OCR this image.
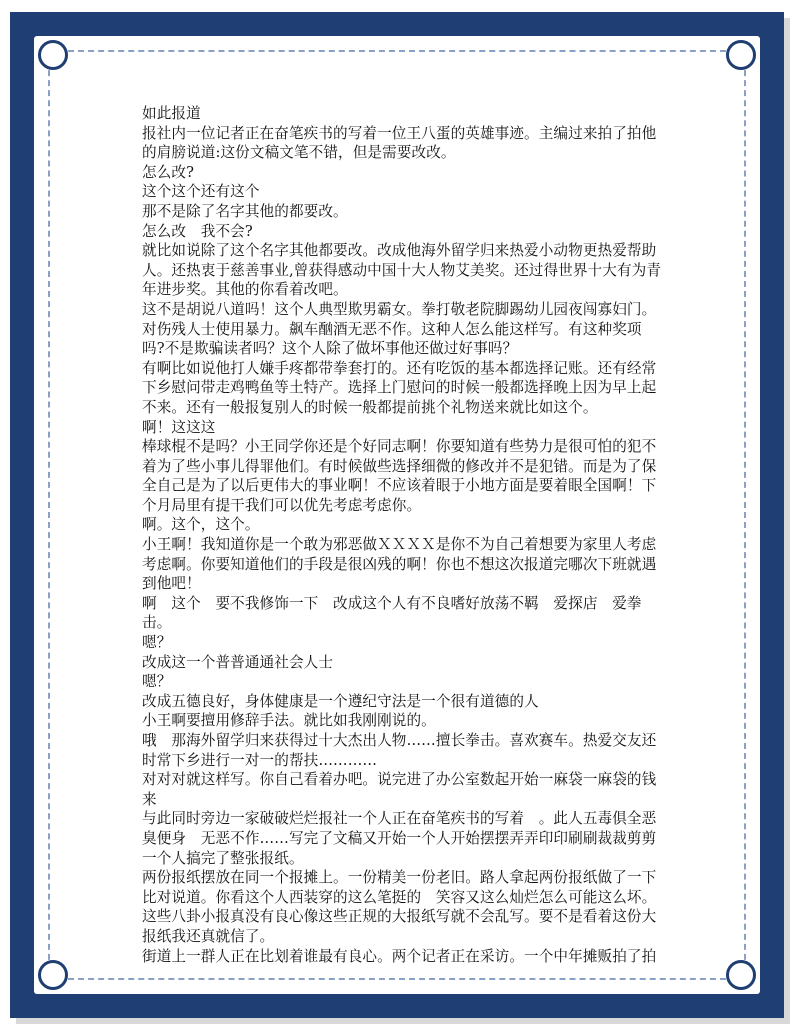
如此报道

报社内一位记者正在奋笔疾书的写着一位王八蛋的英雄事迹。主编过来拍了拍他的肩膀说道:这份文稿文笔不错，但是需要改改。

怎么改?

这个这个还有这个

那不是除了名字其他的都要改。

怎么改　我不会?

就比如说除了这个名字其他都要改。改成他海外留学归来热爱小动物更热爱帮助人。还热衷于慈善事业,曾获得感动中国十大人物艾美奖。还过得世界十大有为青年进步奖。其他的你看着改吧。

这不是胡说八道吗！这个人典型欺男霸女。拳打敬老院脚踢幼儿园夜闯寡妇门。对伤残人士使用暴力。飙车酗酒无恶不作。这种人怎么能这样写。有这种奖项吗?不是欺骗读者吗？这个人除了做坏事他还做过好事吗？

有啊比如说他打人嫌手疼都带拳套打的。还有吃饭的基本都选择记账。还有经常下乡慰问带走鸡鸭鱼等土特产。选择上门慰问的时候一般都选择晚上因为早上起不来。还有一般报复别人的时候一般都提前挑个礼物送来就比如这个。

啊！这这这

棒球棍不是吗？小王同学你还是个好同志啊！你要知道有些势力是很可怕的犯不着为了些小事儿得罪他们。有时候做些选择细微的修改并不是犯错。而是为了保全自己是为了以后更伟大的事业啊！不应该着眼于小地方面是要着眼全国啊！下个月局里有提干我们可以优先考虑考虑你。

啊。这个，这个。

小王啊！我知道你是一个敢为邪恶做ＸＸＸＸ是你不为自己着想要为家里人考虑考虑啊。你要知道他们的手段是很凶残的啊！你也不想这次报道完哪次下班就遇到他吧！

啊　这个　要不我修饰一下　改成这个人有不良嗜好放荡不羁　爱探店　爱拳击。

嗯？

改成这一个普普通通社会人士

嗯？

改成五德良好，身体健康是一个遵纪守法是一个很有道德的人

小王啊要擅用修辞手法。就比如我刚刚说的。

哦　那海外留学归来获得过十大杰出人物……擅长拳击。喜欢赛车。热爱交友还时常下乡进行一对一的帮扶…………

对对对就这样写。你自己看着办吧。说完进了办公室数起开始一麻袋一麻袋的钱来

与此同时旁边一家破破烂烂报社一个人正在奋笔疾书的写着　。此人五毒俱全恶臭便身　无恶不作……写完了文稿又开始一个人开始摆摆弄弄印印刷刷裁裁剪剪一个人搞完了整张报纸。

两份报纸摆放在同一个报摊上。一份精美一份老旧。路人拿起两份报纸做了一下比对说道。你看这个人西装穿的这么笔挺的　笑容又这么灿烂怎么可能这么坏。这些八卦小报真没有良心像这些正规的大报纸写就不会乱写。要不是看着这份大报纸我还真就信了。

街道上一群人正在比划着谁最有良心。两个记者正在采访。一个中年摊贩拍了拍
